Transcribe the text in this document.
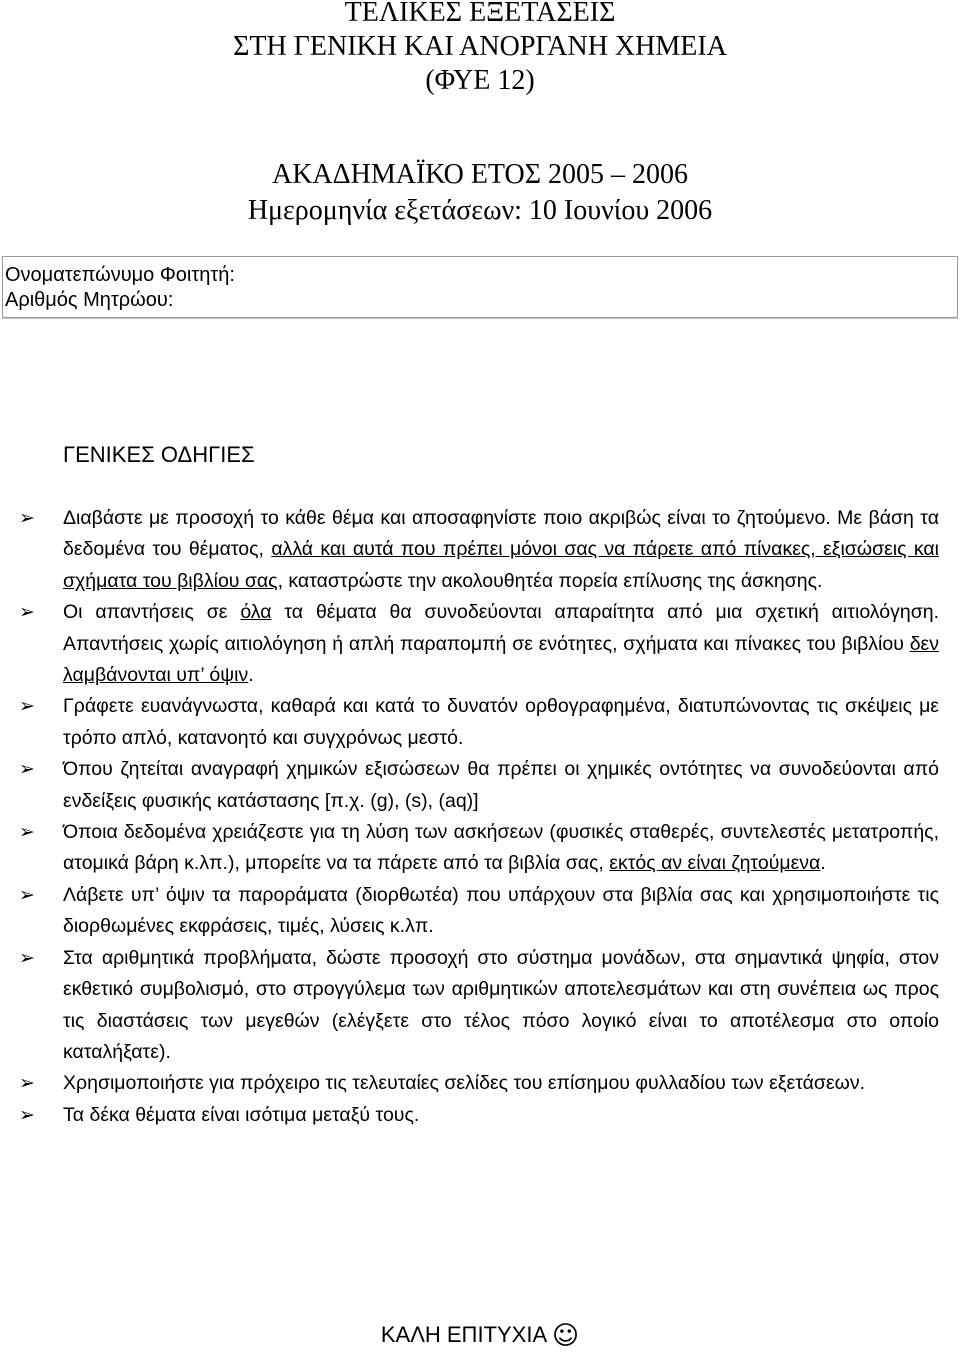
ΤΕΛΙΚΕΣ ΕΞΕΤΑΣΕΙΣ
ΣΤΗ ΓΕΝΙΚΗ ΚΑΙ ΑΝΟΡΓΑΝΗ ΧΗΜΕΙΑ
(ΦΥΕ 12)
ΑΚΑΔΗΜΑΪΚΟ ΕΤΟΣ 2005 – 2006
Ημερομηνία εξετάσεων: 10 Ιουνίου 2006
Ονοματεπώνυμο Φοιτητή:
Αριθμός Μητρώου:
ΓΕΝΙΚΕΣ ΟΔΗΓΙΕΣ
➢ Διαβάστε με προσοχή το κάθε θέμα και αποσαφηνίστε ποιο ακριβώς είναι το ζητούμενο. Με βάση τα δεδομένα του θέματος, αλλά και αυτά που πρέπει μόνοι σας να πάρετε από πίνακες, εξισώσεις και σχήματα του βιβλίου σας, καταστρώστε την ακολουθητέα πορεία επίλυσης της άσκησης.
➢ Οι απαντήσεις σε όλα τα θέματα θα συνοδεύονται απαραίτητα από μια σχετική αιτιολόγηση. Απαντήσεις χωρίς αιτιολόγηση ή απλή παραπομπή σε ενότητες, σχήματα και πίνακες του βιβλίου δεν λαμβάνονται υπ’ όψιν.
➢ Γράφετε ευανάγνωστα, καθαρά και κατά το δυνατόν ορθογραφημένα, διατυπώνοντας τις σκέψεις με τρόπο απλό, κατανοητό και συγχρόνως μεστό.
➢ Όπου ζητείται αναγραφή χημικών εξισώσεων θα πρέπει οι χημικές οντότητες να συνοδεύονται από ενδείξεις φυσικής κατάστασης [π.χ. (g), (s), (aq)]
➢ Όποια δεδομένα χρειάζεστε για τη λύση των ασκήσεων (φυσικές σταθερές, συντελεστές μετατροπής, ατομικά βάρη κ.λπ.), μπορείτε να τα πάρετε από τα βιβλία σας, εκτός αν είναι ζητούμενα.
➢ Λάβετε υπ’ όψιν τα παροράματα (διορθωτέα) που υπάρχουν στα βιβλία σας και χρησιμοποιήστε τις διορθωμένες εκφράσεις, τιμές, λύσεις κ.λπ.
➢ Στα αριθμητικά προβλήματα, δώστε προσοχή στο σύστημα μονάδων, στα σημαντικά ψηφία, στον εκθετικό συμβολισμό, στο στρογγύλεμα των αριθμητικών αποτελεσμάτων και στη συνέπεια ως προς τις διαστάσεις των μεγεθών (ελέγξετε στο τέλος πόσο λογικό είναι το αποτέλεσμα στο οποίο καταλήξατε).
➢ Χρησιμοποιήστε για πρόχειρο τις τελευταίες σελίδες του επίσημου φυλλαδίου των εξετάσεων.
➢ Τα δέκα θέματα είναι ισότιμα μεταξύ τους.
ΚΑΛΗ ΕΠΙΤΥΧΙΑ ☺
